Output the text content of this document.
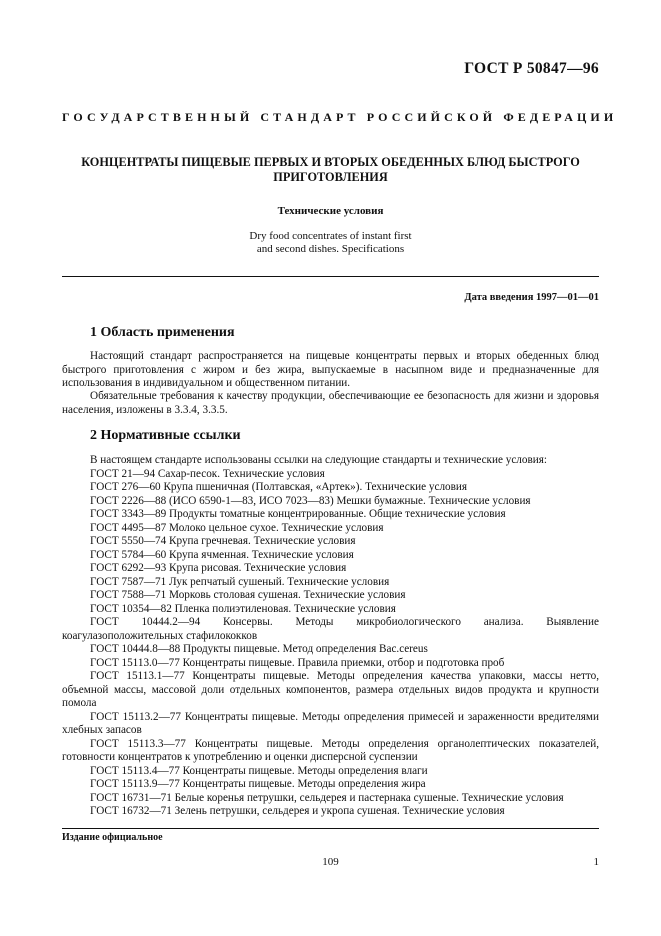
ГОСТ Р 50847—96
ГОСУДАРСТВЕННЫЙ СТАНДАРТ РОССИЙСКОЙ ФЕДЕРАЦИИ
КОНЦЕНТРАТЫ ПИЩЕВЫЕ ПЕРВЫХ И ВТОРЫХ ОБЕДЕННЫХ БЛЮД БЫСТРОГО ПРИГОТОВЛЕНИЯ
Технические условия
Dry food concentrates of instant first
and second dishes. Specifications
Дата введения 1997—01—01
1 Область применения

Настоящий стандарт распространяется на пищевые концентраты первых и вторых обеденных блюд быстрого приготовления с жиром и без жира, выпускаемые в насыпном виде и предназначенные для использования в индивидуальном и общественном питании.

Обязательные требования к качеству продукции, обеспечивающие ее безопасность для жизни и здоровья населения, изложены в 3.3.4, 3.3.5.

2 Нормативные ссылки
В настоящем стандарте использованы ссылки на следующие стандарты и технические условия:
ГОСТ 21—94 Сахар-песок. Технические условия
ГОСТ 276—60 Крупа пшеничная (Полтавская, «Артек»). Технические условия
ГОСТ 2226—88 (ИСО 6590-1—83, ИСО 7023—83) Мешки бумажные. Технические условия
ГОСТ 3343—89 Продукты томатные концентрированные. Общие технические условия
ГОСТ 4495—87 Молоко цельное сухое. Технические условия
ГОСТ 5550—74 Крупа гречневая. Технические условия
ГОСТ 5784—60 Крупа ячменная. Технические условия
ГОСТ 6292—93 Крупа рисовая. Технические условия
ГОСТ 7587—71 Лук репчатый сушеный. Технические условия
ГОСТ 7588—71 Морковь столовая сушеная. Технические условия
ГОСТ 10354—82 Пленка полиэтиленовая. Технические условия
ГОСТ 10444.2—94 Консервы. Методы микробиологического анализа. Выявление коагулазоположительных стафилококков
ГОСТ 10444.8—88 Продукты пищевые. Метод определения Bac.cereus
ГОСТ 15113.0—77 Концентраты пищевые. Правила приемки, отбор и подготовка проб
ГОСТ 15113.1—77 Концентраты пищевые. Методы определения качества упаковки, массы нетто, объемной массы, массовой доли отдельных компонентов, размера отдельных видов продукта и крупности помола
ГОСТ 15113.2—77 Концентраты пищевые. Методы определения примесей и зараженности вредителями хлебных запасов
ГОСТ 15113.3—77 Концентраты пищевые. Методы определения органолептических показателей, готовности концентратов к употреблению и оценки дисперсной суспензии
ГОСТ 15113.4—77 Концентраты пищевые. Методы определения влаги
ГОСТ 15113.9—77 Концентраты пищевые. Методы определения жира
ГОСТ 16731—71 Белые коренья петрушки, сельдерея и пастернака сушеные. Технические условия
ГОСТ 16732—71 Зелень петрушки, сельдерея и укропа сушеная. Технические условия
Издание официальное
109	1
